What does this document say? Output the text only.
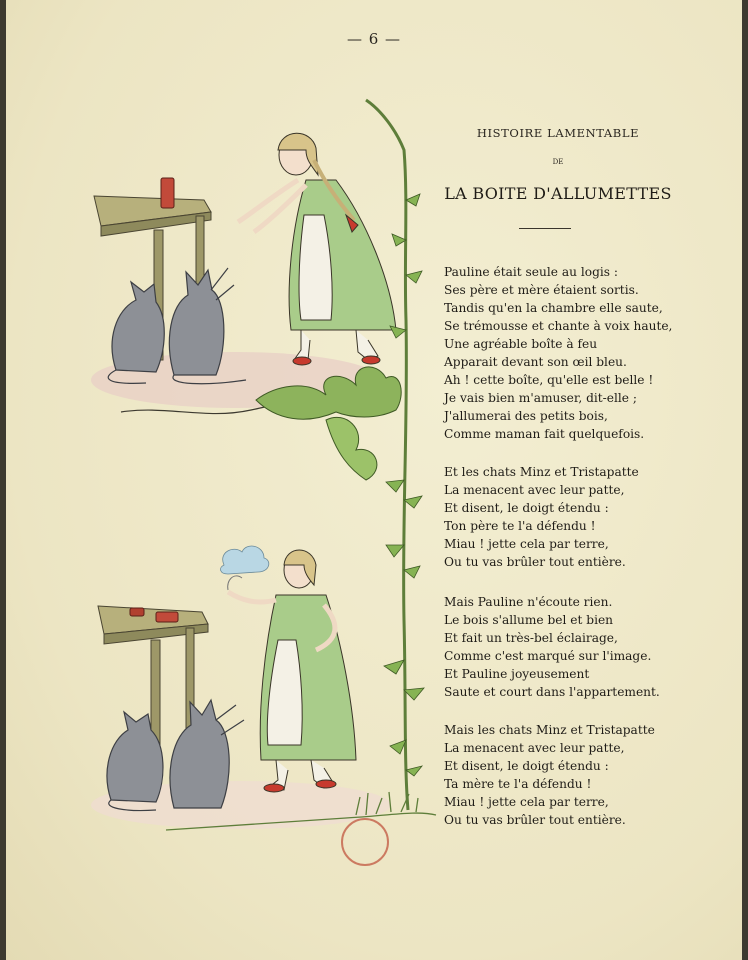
— 6 —
HISTOIRE LAMENTABLE
DE
LA BOITE D'ALLUMETTES
Pauline était seule au logis :
Ses père et mère étaient sortis.
Tandis qu'en la chambre elle saute,
Se trémousse et chante à voix haute,
Une agréable boîte à feu
Apparait devant son œil bleu.
Ah ! cette boîte, qu'elle est belle !
Je vais bien m'amuser, dit-elle ;
J'allumerai des petits bois,
Comme maman fait quelquefois.
Et les chats Minz et Tristapatte
La menacent avec leur patte,
Et disent, le doigt étendu :
Ton père te l'a défendu !
Miau ! jette cela par terre,
Ou tu vas brûler tout entière.
Mais Pauline n'écoute rien.
Le bois s'allume bel et bien
Et fait un très-bel éclairage,
Comme c'est marqué sur l'image.
Et Pauline joyeusement
Saute et court dans l'appartement.
Mais les chats Minz et Tristapatte
La menacent avec leur patte,
Et disent, le doigt étendu :
Ta mère te l'a défendu !
Miau ! jette cela par terre,
Ou tu vas brûler tout entière.
